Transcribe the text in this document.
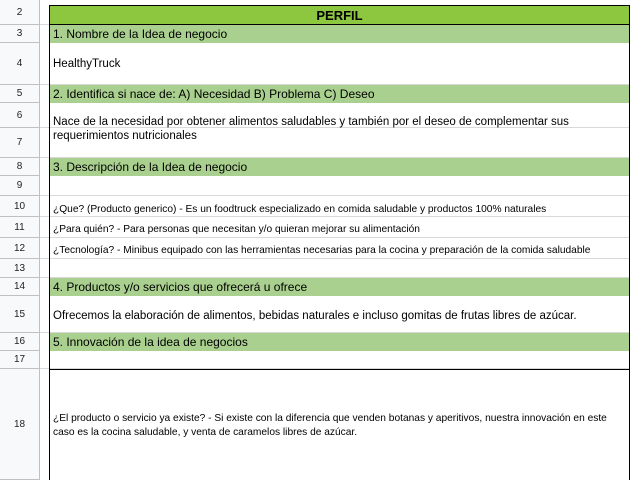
2
3
4
5
6
7
8
9
10
11
12
13
14
15
16
17
18
PERFIL
1. Nombre de la Idea de negocio
2. Identifica si nace de: A) Necesidad B) Problema C) Deseo
3. Descripción de la Idea de negocio
4. Productos y/o servicios que ofrecerá u ofrece
5. Innovación de la idea de negocios
HealthyTruck
Nace de la necesidad por obtener alimentos saludables y también por el deseo de complementar sus requerimientos nutricionales
¿Que? (Producto generico) - Es un foodtruck especializado en comida saludable y productos 100% naturales
¿Para quién? - Para personas que necesitan y/o quieran mejorar su alimentación
¿Tecnología? - Minibus equipado con las herramientas necesarias para la cocina y preparación de la comida saludable
Ofrecemos la elaboración de alimentos, bebidas naturales e incluso gomitas de frutas libres de azúcar.
¿El producto o servicio ya existe? - Si existe con la diferencia que venden botanas y aperitivos, nuestra innovación en este caso es la cocina saludable, y venta de caramelos libres de azúcar.
